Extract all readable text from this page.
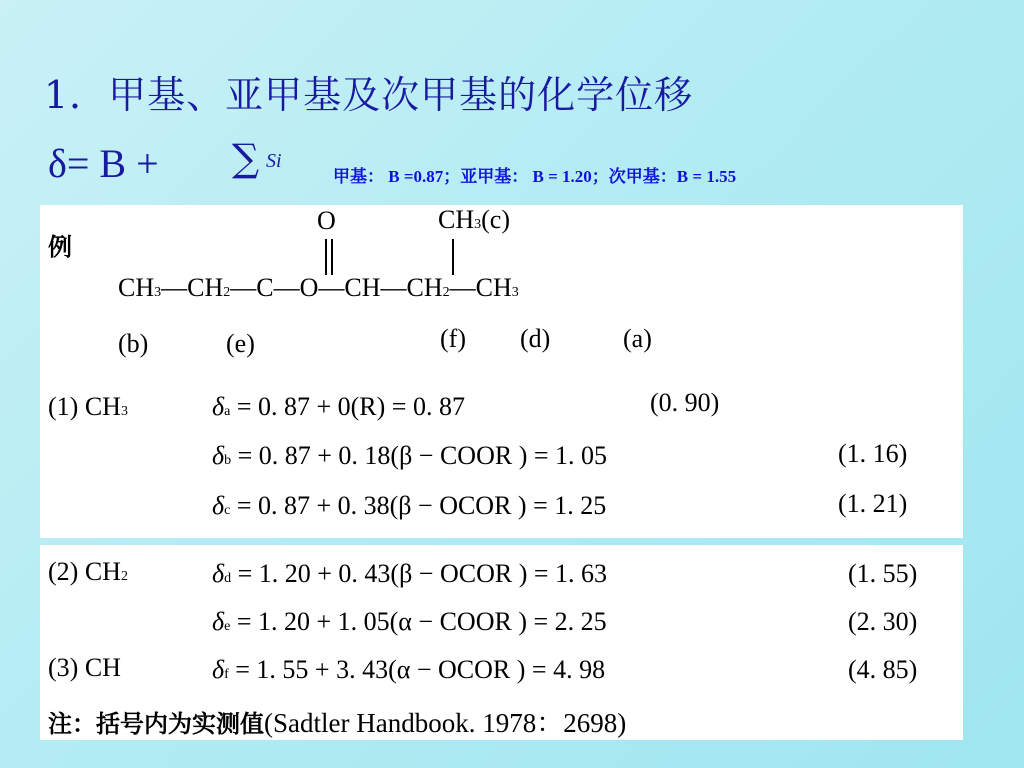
1．甲基、亚甲基及次甲基的化学位移
δ= B + ∑ Si
甲基： B =0.87；亚甲基： B = 1.20；次甲基：B = 1.55
例
O	CH3(c)
CH3—CH2—C—O—CH—CH2—CH3
(b)	(e)	(f) (d)	(a)
(1) CH3	δa = 0. 87 + 0(R) = 0. 87	(0. 90)
δb = 0. 87 + 0. 18(β − COOR ) = 1. 05	(1. 16)
δc = 0. 87 + 0. 38(β − OCOR ) = 1. 25	(1. 21)
(2) CH2	δd = 1. 20 + 0. 43(β − OCOR ) = 1. 63	(1. 55)
δe = 1. 20 + 1. 05(α − COOR ) = 2. 25	(2. 30)
(3) CH	δf = 1. 55 + 3. 43(α − OCOR ) = 4. 98	(4. 85)
注：括号内为实测值(Sadtler Handbook. 1978：2698)
